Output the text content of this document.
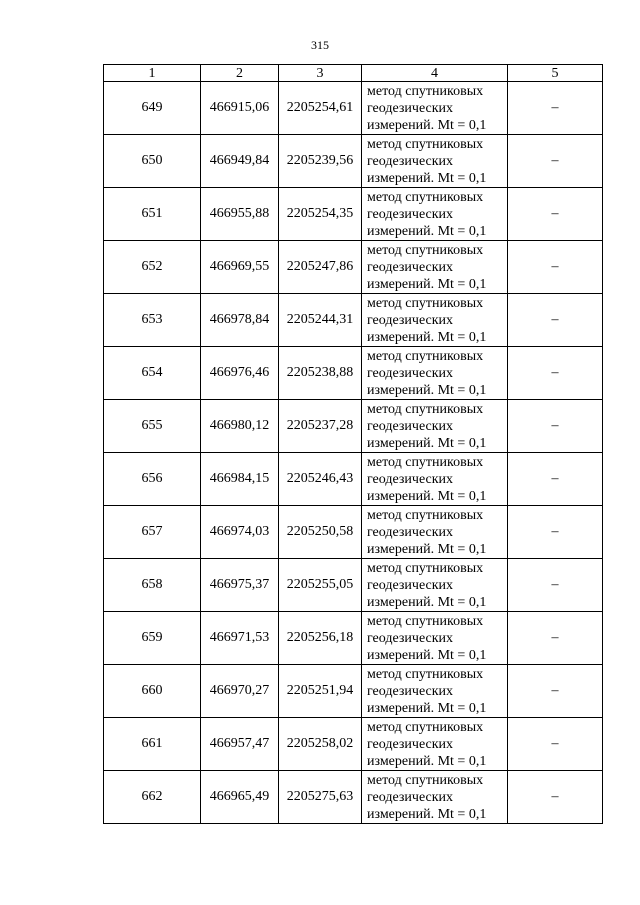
315
1	2	3	4	5
649	466915,06	2205254,61	метод спутниковых
геодезических
измерений. Mt = 0,1	–
650	466949,84	2205239,56	метод спутниковых
геодезических
измерений. Mt = 0,1	–
651	466955,88	2205254,35	метод спутниковых
геодезических
измерений. Mt = 0,1	–
652	466969,55	2205247,86	метод спутниковых
геодезических
измерений. Mt = 0,1	–
653	466978,84	2205244,31	метод спутниковых
геодезических
измерений. Mt = 0,1	–
654	466976,46	2205238,88	метод спутниковых
геодезических
измерений. Mt = 0,1	–
655	466980,12	2205237,28	метод спутниковых
геодезических
измерений. Mt = 0,1	–
656	466984,15	2205246,43	метод спутниковых
геодезических
измерений. Mt = 0,1	–
657	466974,03	2205250,58	метод спутниковых
геодезических
измерений. Mt = 0,1	–
658	466975,37	2205255,05	метод спутниковых
геодезических
измерений. Mt = 0,1	–
659	466971,53	2205256,18	метод спутниковых
геодезических
измерений. Mt = 0,1	–
660	466970,27	2205251,94	метод спутниковых
геодезических
измерений. Mt = 0,1	–
661	466957,47	2205258,02	метод спутниковых
геодезических
измерений. Mt = 0,1	–
662	466965,49	2205275,63	метод спутниковых
геодезических
измерений. Mt = 0,1	–
